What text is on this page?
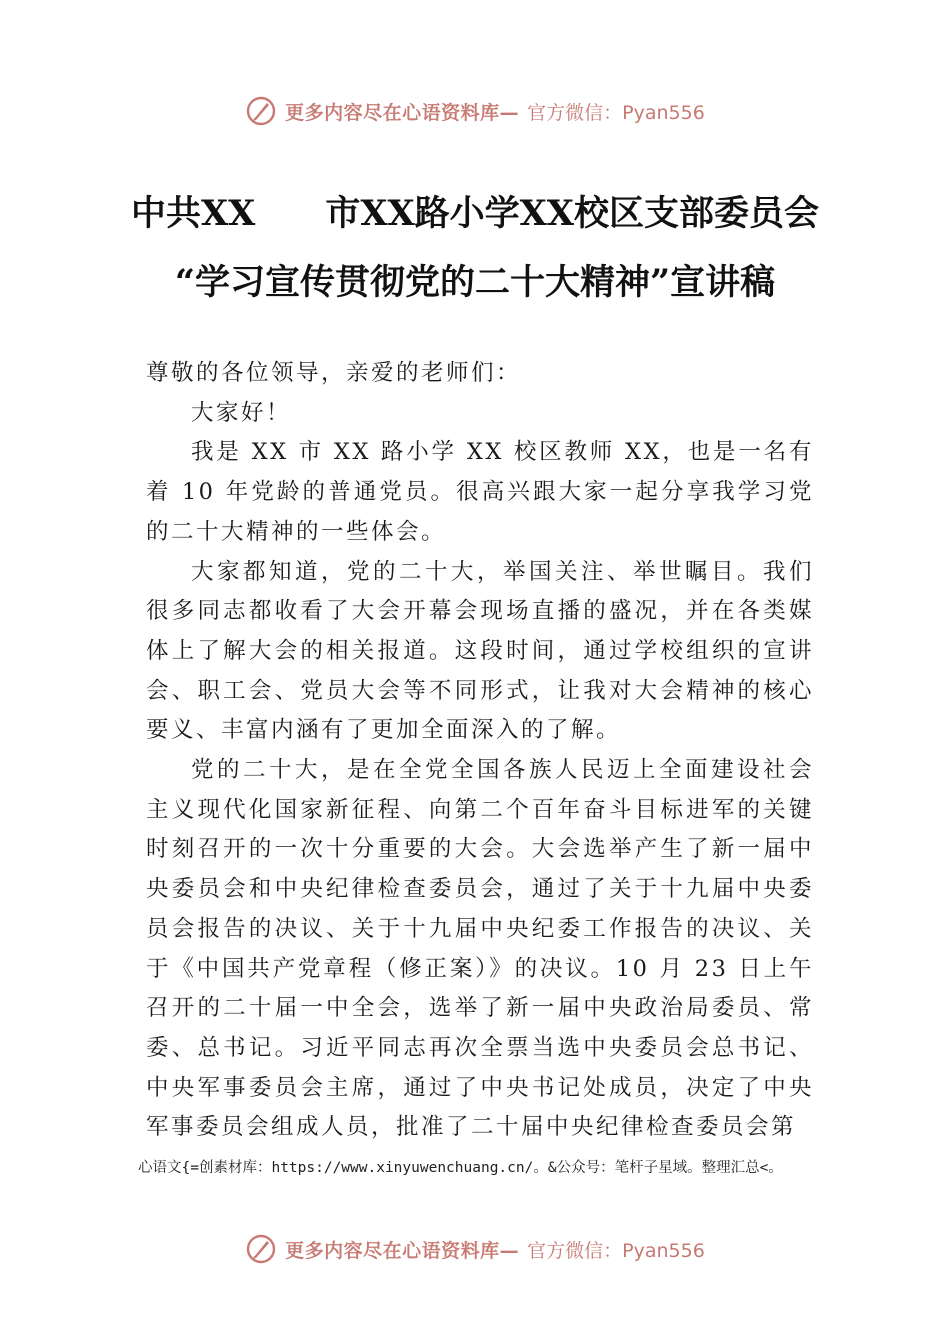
更多内容尽在心语资料库— 官方微信：Pyan556
中共XX 市XX路小学XX校区支部委员会
“学习宣传贯彻党的二十大精神”宣讲稿

尊敬的各位领导，亲爱的老师们：

大家好！

我是 XX 市 XX 路小学 XX 校区教师 XX，也是一名有着 10 年党龄的普通党员。很高兴跟大家一起分享我学习党的二十大精神的一些体会。

大家都知道，党的二十大，举国关注、举世瞩目。我们很多同志都收看了大会开幕会现场直播的盛况，并在各类媒体上了解大会的相关报道。这段时间，通过学校组织的宣讲会、职工会、党员大会等不同形式，让我对大会精神的核心要义、丰富内涵有了更加全面深入的了解。

党的二十大，是在全党全国各族人民迈上全面建设社会主义现代化国家新征程、向第二个百年奋斗目标进军的关键时刻召开的一次十分重要的大会。大会选举产生了新一届中央委员会和中央纪律检查委员会，通过了关于十九届中央委员会报告的决议、关于十九届中央纪委工作报告的决议、关于《中国共产党章程（修正案）》的决议。10 月 23 日上午召开的二十届一中全会，选举了新一届中央政治局委员、常委、总书记。习近平同志再次全票当选中央委员会总书记、 中央军事委员会主席，通过了中央书记处成员，决定了中央军事委员会组成人员，批准了二十届中央纪律检查委员会第

心语文{=创素材库：https://www.xinyuwenchuang.cn/。&公众号：笔杆子星域。整理汇总<。
更多内容尽在心语资料库— 官方微信：Pyan556
